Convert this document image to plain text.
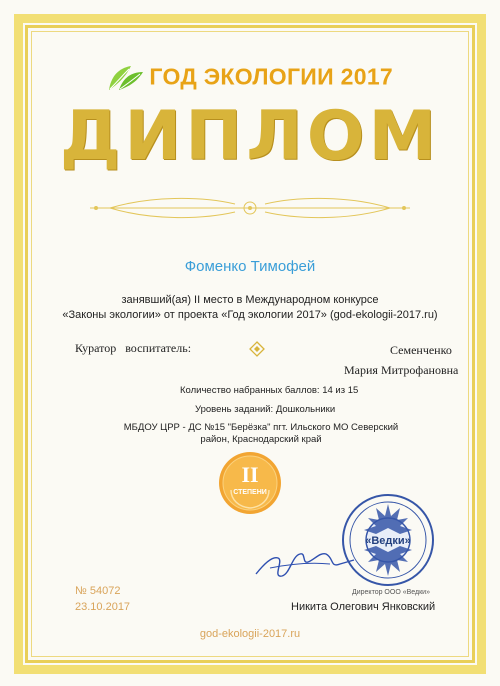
ГОД ЭКОЛОГИИ 2017
ДИПЛОМ
Фоменко Тимофей
занявший(ая) II место в Международном конкурсе
«Законы экологии» от проекта «Год экологии 2017» (god-ekologii-2017.ru)
Куратор   воспитатель:	Семенченко
Мария Митрофановна
Количество набранных баллов: 14 из 15
Уровень заданий: Дошкольники
МБДОУ ЦРР - ДС №15 "Берёзка" пгт. Ильского МО Северский район, Краснодарский край
II
СТЕПЕНИ
«Ведки»
№ 54072
23.10.2017
Директор ООО «Ведки»
Никита Олегович Янковский
god-ekologii-2017.ru
